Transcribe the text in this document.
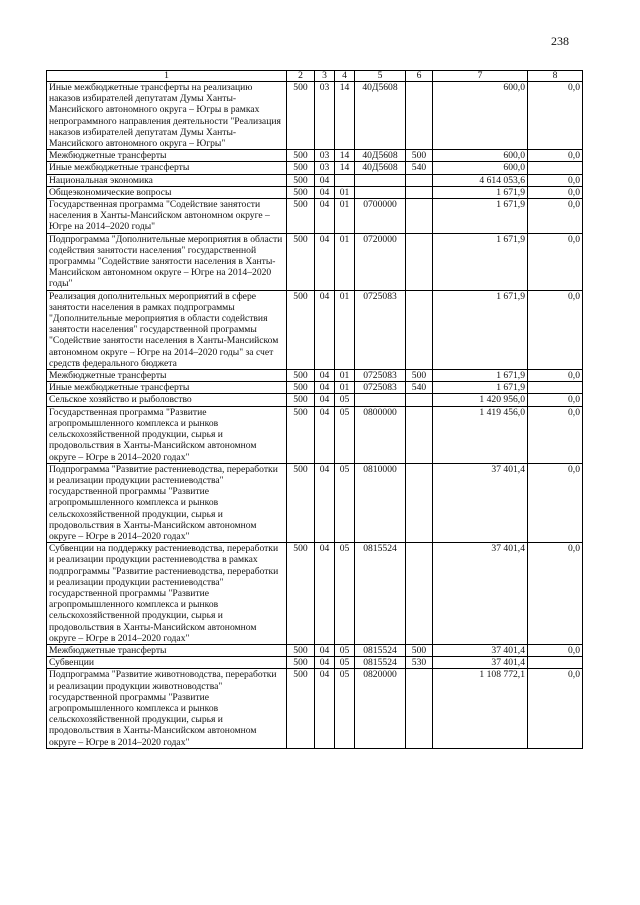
238
1	2	3	4	5	6	7	8
Иные межбюджетные трансферты на реализацию наказов избирателей депутатам Думы Ханты-Мансийского автономного округа – Югры в рамках непрограммного направления деятельности "Реализация наказов избирателей депутатам Думы Ханты-Мансийского автономного округа – Югры"	500	03	14	40Д5608		600,0	0,0
Межбюджетные трансферты	500	03	14	40Д5608	500	600,0	0,0
Иные межбюджетные трансферты	500	03	14	40Д5608	540	600,0	
Национальная экономика	500	04				4 614 053,6	0,0
Общеэкономические вопросы	500	04	01			1 671,9	0,0
Государственная программа "Содействие занятости населения в Ханты-Мансийском автономном округе – Югре на 2014–2020 годы"	500	04	01	0700000		1 671,9	0,0
Подпрограмма "Дополнительные мероприятия в области содействия занятости населения" государственной программы "Содействие занятости населения в Ханты-Мансийском автономном округе – Югре на 2014–2020 годы"	500	04	01	0720000		1 671,9	0,0
Реализация дополнительных мероприятий в сфере занятости населения в рамках подпрограммы "Дополнительные мероприятия в области содействия занятости населения" государственной программы "Содействие занятости населения в Ханты-Мансийском автономном округе – Югре на 2014–2020 годы" за счет средств федерального бюджета	500	04	01	0725083		1 671,9	0,0
Межбюджетные трансферты	500	04	01	0725083	500	1 671,9	0,0
Иные межбюджетные трансферты	500	04	01	0725083	540	1 671,9	
Сельское хозяйство и рыболовство	500	04	05			1 420 956,0	0,0
Государственная программа "Развитие агропромышленного комплекса и рынков сельскохозяйственной продукции, сырья и продовольствия в Ханты-Мансийском автономном округе – Югре в 2014–2020 годах"	500	04	05	0800000		1 419 456,0	0,0
Подпрограмма "Развитие растениеводства, переработки и реализации продукции растениеводства" государственной программы "Развитие агропромышленного комплекса и рынков сельскохозяйственной продукции, сырья и продовольствия в Ханты-Мансийском автономном округе – Югре в 2014–2020 годах"	500	04	05	0810000		37 401,4	0,0
Субвенции на поддержку растениеводства, переработки и реализации продукции растениеводства в рамках подпрограммы "Развитие растениеводства, переработки и реализации продукции растениеводства" государственной программы "Развитие агропромышленного комплекса и рынков сельскохозяйственной продукции, сырья и продовольствия в Ханты-Мансийском автономном округе – Югре в 2014–2020 годах"	500	04	05	0815524		37 401,4	0,0
Межбюджетные трансферты	500	04	05	0815524	500	37 401,4	0,0
Субвенции	500	04	05	0815524	530	37 401,4	
Подпрограмма "Развитие животноводства, переработки и реализации продукции животноводства" государственной программы "Развитие агропромышленного комплекса и рынков сельскохозяйственной продукции, сырья и продовольствия в Ханты-Мансийском автономном округе – Югре в 2014–2020 годах"	500	04	05	0820000		1 108 772,1	0,0
